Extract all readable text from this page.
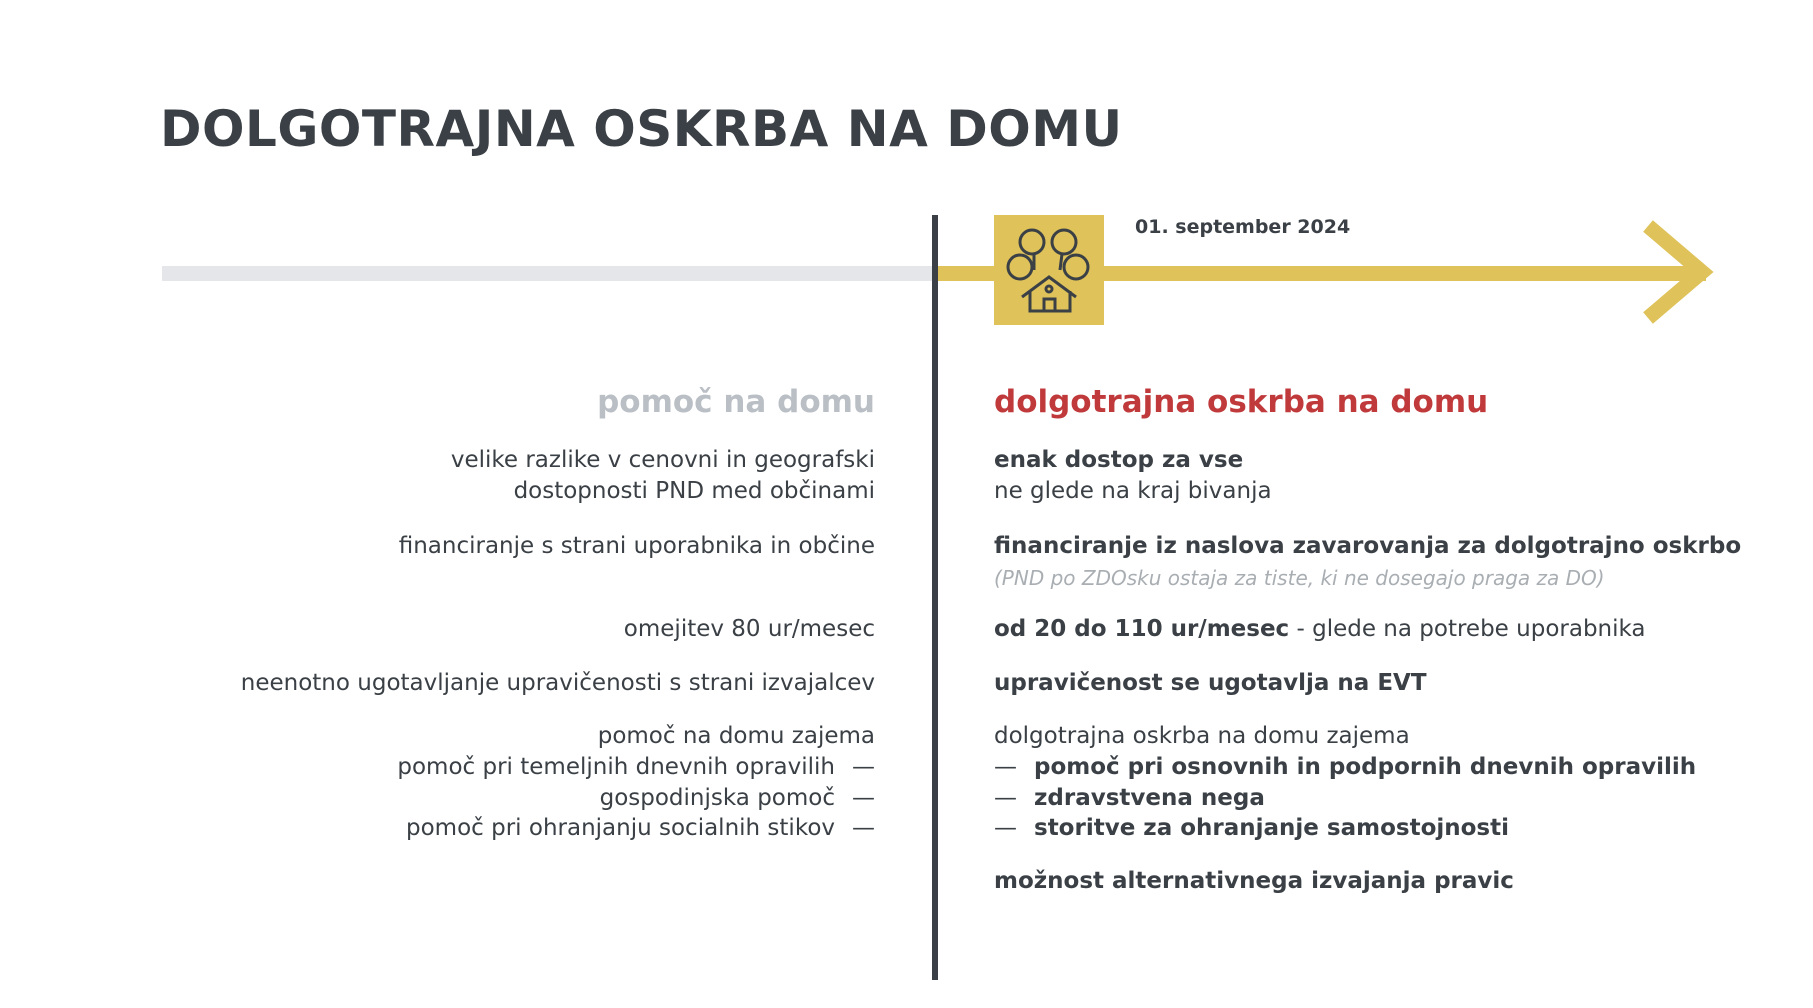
DOLGOTRAJNA OSKRBA NA DOMU
01. september 2024
pomoč na domu
velike razlike v cenovni in geografski
dostopnosti PND med občinami
financiranje s strani uporabnika in občine
omejitev 80 ur/mesec
neenotno ugotavljanje upravičenosti s strani izvajalcev
pomoč na domu zajema
pomoč pri temeljnih dnevnih opravilih —
gospodinjska pomoč —
pomoč pri ohranjanju socialnih stikov —
dolgotrajna oskrba na domu
enak dostop za vse
ne glede na kraj bivanja
financiranje iz naslova zavarovanja za dolgotrajno oskrbo
(PND po ZDOsku ostaja za tiste, ki ne dosegajo praga za DO)
od 20 do 110 ur/mesec - glede na potrebe uporabnika
upravičenost se ugotavlja na EVT
dolgotrajna oskrba na domu zajema
— pomoč pri osnovnih in podpornih dnevnih opravilih
— zdravstvena nega
— storitve za ohranjanje samostojnosti
možnost alternativnega izvajanja pravic
